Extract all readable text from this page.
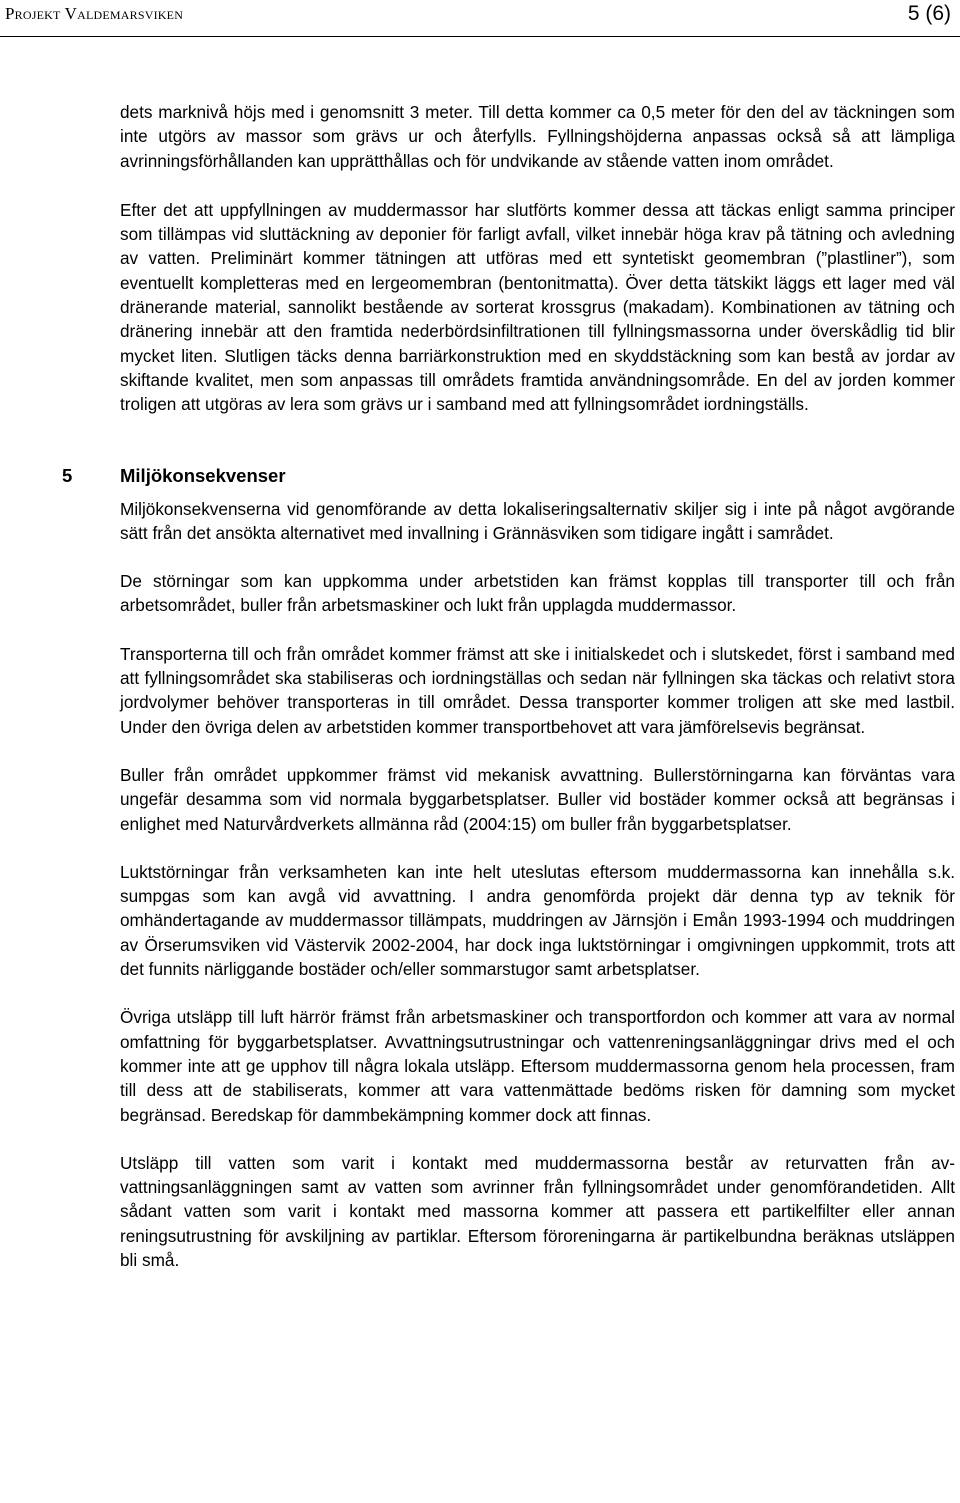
Projekt Valdemarsviken	5 (6)

dets marknivå höjs med i genomsnitt 3 meter. Till detta kommer ca 0,5 meter för den del av täckningen som inte utgörs av massor som grävs ur och återfylls. Fyllningshöjderna anpassas också så att lämpliga avrinningsförhållanden kan upprätthållas och för undvikande av stående vatten inom området.

Efter det att uppfyllningen av muddermassor har slutförts kommer dessa att täckas enligt samma principer som tillämpas vid sluttäckning av deponier för farligt avfall, vilket innebär höga krav på tätning och avledning av vatten. Preliminärt kommer tätningen att utföras med ett syntetiskt geomembran (”plastliner”), som eventuellt kompletteras med en lergeomembran (bentonitmatta). Över detta tätskikt läggs ett lager med väl dränerande material, sannolikt bestående av sorterat krossgrus (makadam). Kombinationen av tätning och dränering innebär att den framtida nederbördsinfiltrationen till fyllningsmassorna under överskådlig tid blir mycket liten. Slutligen täcks denna barriärkonstruktion med en skyddstäckning som kan bestå av jordar av skiftande kvalitet, men som anpassas till områdets framtida användningsområde. En del av jorden kommer troligen att utgöras av lera som grävs ur i samband med att fyllningsområdet iordningställs.

5	Miljökonsekvenser

Miljökonsekvenserna vid genomförande av detta lokaliseringsalternativ skiljer sig i inte på något avgörande sätt från det ansökta alternativet med invallning i Grännäsviken som tidigare ingått i samrådet.

De störningar som kan uppkomma under arbetstiden kan främst kopplas till transporter till och från arbetsområdet, buller från arbetsmaskiner och lukt från upplagda muddermassor.

Transporterna till och från området kommer främst att ske i initialskedet och i slutskedet, först i samband med att fyllningsområdet ska stabiliseras och iordningställas och sedan när fyllningen ska täckas och relativt stora jordvolymer behöver transporteras in till området. Dessa transporter kommer troligen att ske med lastbil. Under den övriga delen av arbetstiden kommer transportbehovet att vara jämförelsevis begränsat.

Buller från området uppkommer främst vid mekanisk avvattning. Bullerstörningarna kan förväntas vara ungefär desamma som vid normala byggarbetsplatser. Buller vid bostäder kommer också att begränsas i enlighet med Naturvårdverkets allmänna råd (2004:15) om buller från byggarbetsplatser.

Luktstörningar från verksamheten kan inte helt uteslutas eftersom muddermassorna kan innehålla s.k. sumpgas som kan avgå vid avvattning. I andra genomförda projekt där denna typ av teknik för omhändertagande av muddermassor tillämpats, muddringen av Järnsjön i Emån 1993-1994 och muddringen av Örserumsviken vid Västervik 2002-2004, har dock inga luktstörningar i omgivningen uppkommit, trots att det funnits närliggande bostäder och/eller sommarstugor samt arbetsplatser.

Övriga utsläpp till luft härrör främst från arbetsmaskiner och transportfordon och kommer att vara av normal omfattning för byggarbetsplatser. Avvattningsutrustningar och vattenreningsanläggningar drivs med el och kommer inte att ge upphov till några lokala utsläpp. Eftersom muddermassorna genom hela processen, fram till dess att de stabiliserats, kommer att vara vattenmättade bedöms risken för damning som mycket begränsad. Beredskap för dammbekämpning kommer dock att finnas.

Utsläpp till vatten som varit i kontakt med muddermassorna består av returvatten från avvattningsanläggningen samt av vatten som avrinner från fyllningsområdet under genomförandetiden. Allt sådant vatten som varit i kontakt med massorna kommer att passera ett partikelfilter eller annan reningsutrustning för avskiljning av partiklar. Eftersom föroreningarna är partikelbundna beräknas utsläppen bli små.
